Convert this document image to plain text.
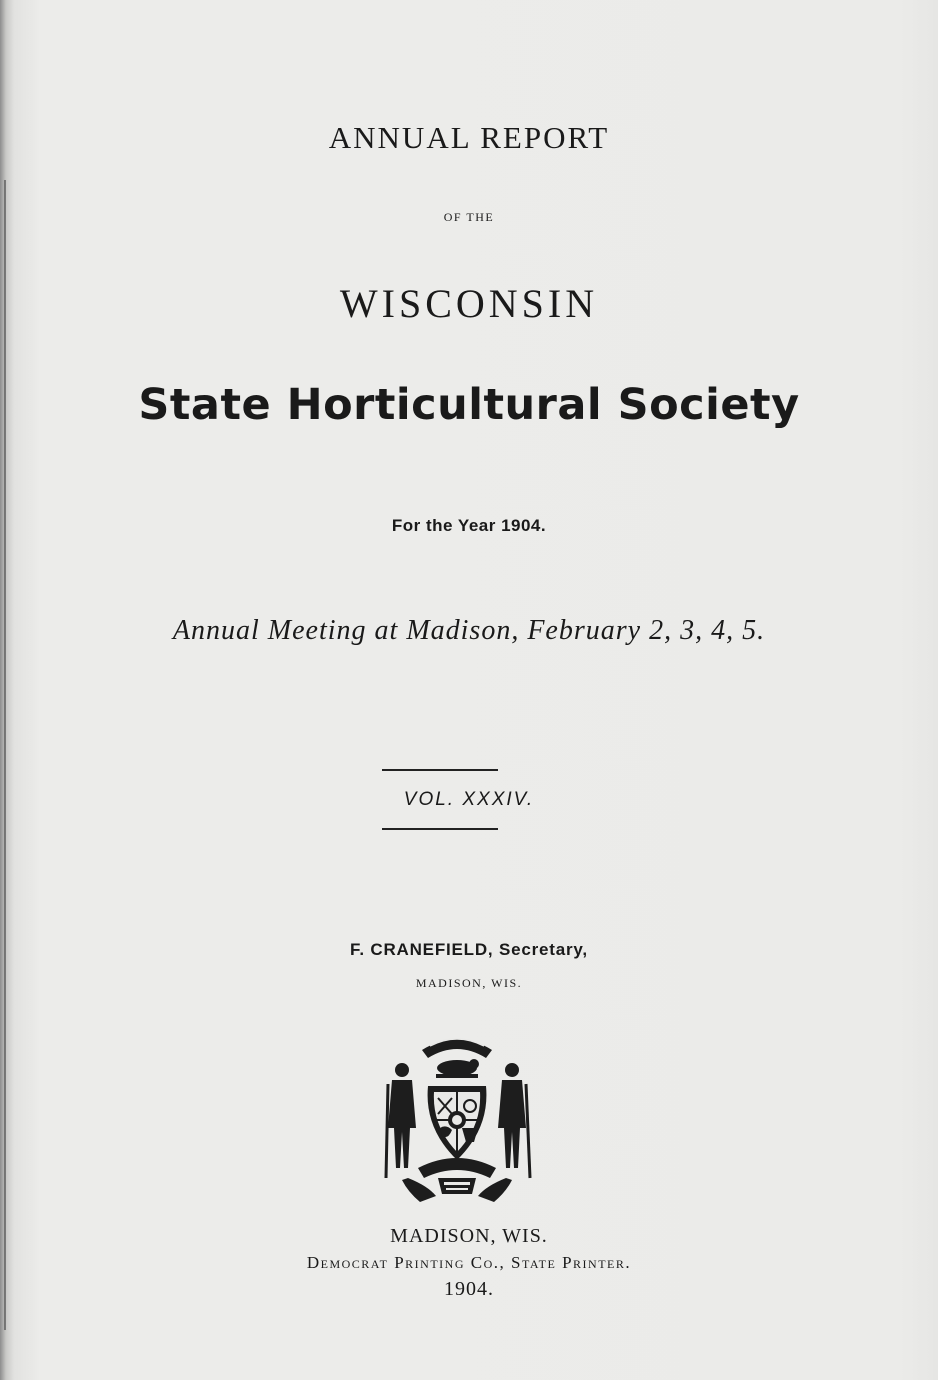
ANNUAL REPORT
OF THE
WISCONSIN
State Horticultural Society
For the Year 1904.
Annual Meeting at Madison, February 2, 3, 4, 5.
VOL. XXXIV.
F. CRANEFIELD, Secretary,
MADISON, WIS.
MADISON, WIS.
Democrat Printing Co., State Printer.
1904.
